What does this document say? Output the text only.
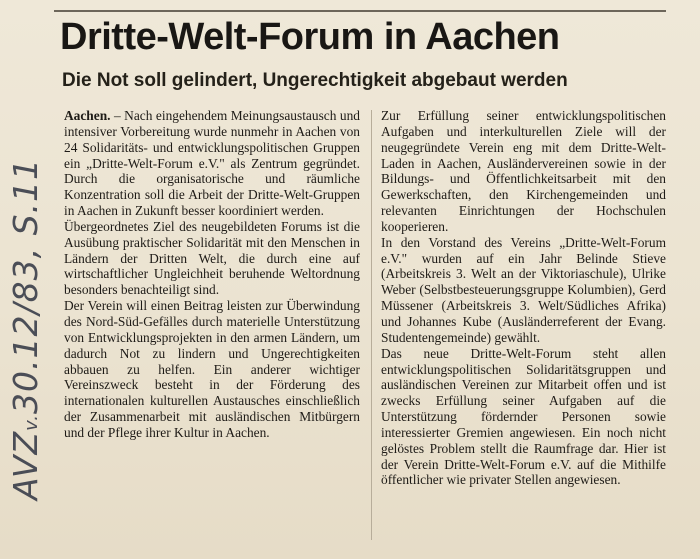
Dritte-Welt-Forum in Aachen
Die Not soll gelindert, Ungerechtigkeit abgebaut werden

Aachen. – Nach eingehendem Meinungsaustausch und intensiver Vorbereitung wurde nunmehr in Aachen von 24 Solidaritäts- und entwicklungspolitischen Gruppen ein „Dritte-Welt-Forum e.V." als Zentrum gegründet. Durch die organisatorische und räumliche Konzentration soll die Arbeit der Dritte-Welt-Gruppen in Aachen in Zukunft besser koordiniert werden.

Übergeordnetes Ziel des neugebildeten Forums ist die Ausübung praktischer Solidarität mit den Menschen in Ländern der Dritten Welt, die durch eine auf wirtschaftlicher Ungleichheit beruhende Weltordnung besonders benachteiligt sind.

Der Verein will einen Beitrag leisten zur Überwindung des Nord-Süd-Gefälles durch materielle Unterstützung von Entwicklungsprojekten in den armen Ländern, um dadurch Not zu lindern und Ungerechtigkeiten abbauen zu helfen. Ein anderer wichtiger Vereinszweck besteht in der Förderung des internationalen kulturellen Austausches einschließlich der Zusammenarbeit mit ausländischen Mitbürgern und der Pflege ihrer Kultur in Aachen.

Zur Erfüllung seiner entwicklungspolitischen Aufgaben und interkulturellen Ziele will der neugegründete Verein eng mit dem Dritte-Welt-Laden in Aachen, Ausländervereinen sowie in der Bildungs- und Öffentlichkeitsarbeit mit den Gewerkschaften, den Kirchengemeinden und relevanten Einrichtungen der Hochschulen kooperieren.

In den Vorstand des Vereins „Dritte-Welt-Forum e.V." wurden auf ein Jahr Belinde Stieve (Arbeitskreis 3. Welt an der Viktoriaschule), Ulrike Weber (Selbstbesteuerungsgruppe Kolumbien), Gerd Müssener (Arbeitskreis 3. Welt/Südliches Afrika) und Johannes Kube (Ausländerreferent der Evang. Studentengemeinde) gewählt.

Das neue Dritte-Welt-Forum steht allen entwicklungspolitischen Solidaritätsgruppen und ausländischen Vereinen zur Mitarbeit offen und ist zwecks Erfüllung seiner Aufgaben auf die Unterstützung fördernder Personen sowie interessierter Gremien angewiesen. Ein noch nicht gelöstes Problem stellt die Raumfrage dar. Hier ist der Verein Dritte-Welt-Forum e.V. auf die Mithilfe öffentlicher wie privater Stellen angewiesen.

AVZv.30.12/83, S.11
